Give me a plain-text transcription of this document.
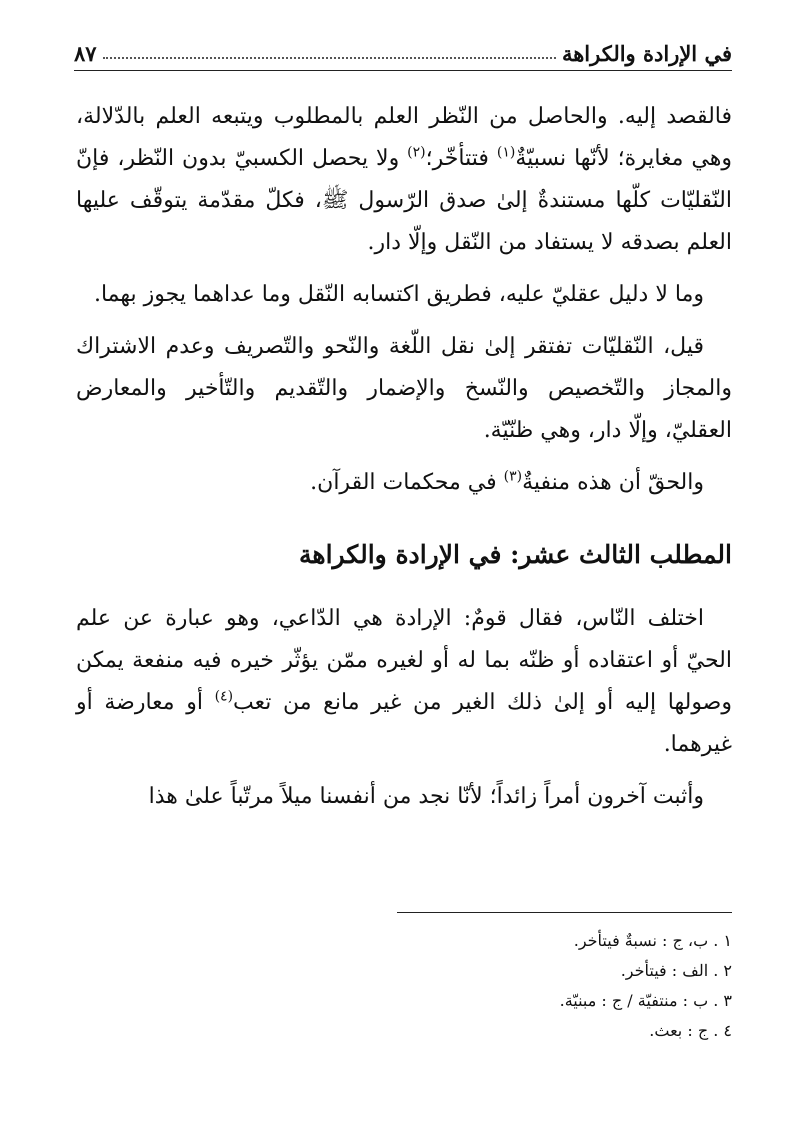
في الإرادة والكراهة
٨٧

فالقصد إليه. والحاصل من النّظر العلم بالمطلوب ويتبعه العلم بالدّلالة، وهي مغايرة؛ لأنّها نسبيّةٌ$^{(١)}$ فتتأخّر؛$^{(٢)}$ ولا يحصل الكسبيّ بدون النّظر، فإنّ النّقليّات كلّها مستندةٌ إلىٰ صدق الرّسول ﷺ، فكلّ مقدّمة يتوقّف عليها العلم بصدقه لا يستفاد من النّقل وإلّا دار.

وما لا دليل عقليّ عليه، فطريق اكتسابه النّقل وما عداهما يجوز بهما.

قيل، النّقليّات تفتقر إلىٰ نقل اللّغة والنّحو والتّصريف وعدم الاشتراك والمجاز والتّخصيص والنّسخ والإضمار والتّقديم والتّأخير والمعارض العقليّ، وإلّا دار، وهي ظنّيّة.

والحقّ أن هذه منفيةٌ$^{(٣)}$ في محكمات القرآن.

المطلب الثالث عشر: في الإرادة والكراهة

اختلف النّاس، فقال قومٌ: الإرادة هي الدّاعي، وهو عبارة عن علم الحيّ أو اعتقاده أو ظنّه بما له أو لغيره ممّن يؤثّر خيره فيه منفعة يمكن وصولها إليه أو إلىٰ ذلك الغير من غير مانع من تعب$^{(٤)}$ أو معارضة أو غيرهما.

وأثبت آخرون أمراً زائداً؛ لأنّا نجد من أنفسنا ميلاً مرتّباً علىٰ هذا

١ . ب، ج : نسبةٌ فيتأخر.
٢ . الف : فيتأخر.
٣ . ب : منتفيّة / ج : مبنيّة.
٤ . ج : بعث.
